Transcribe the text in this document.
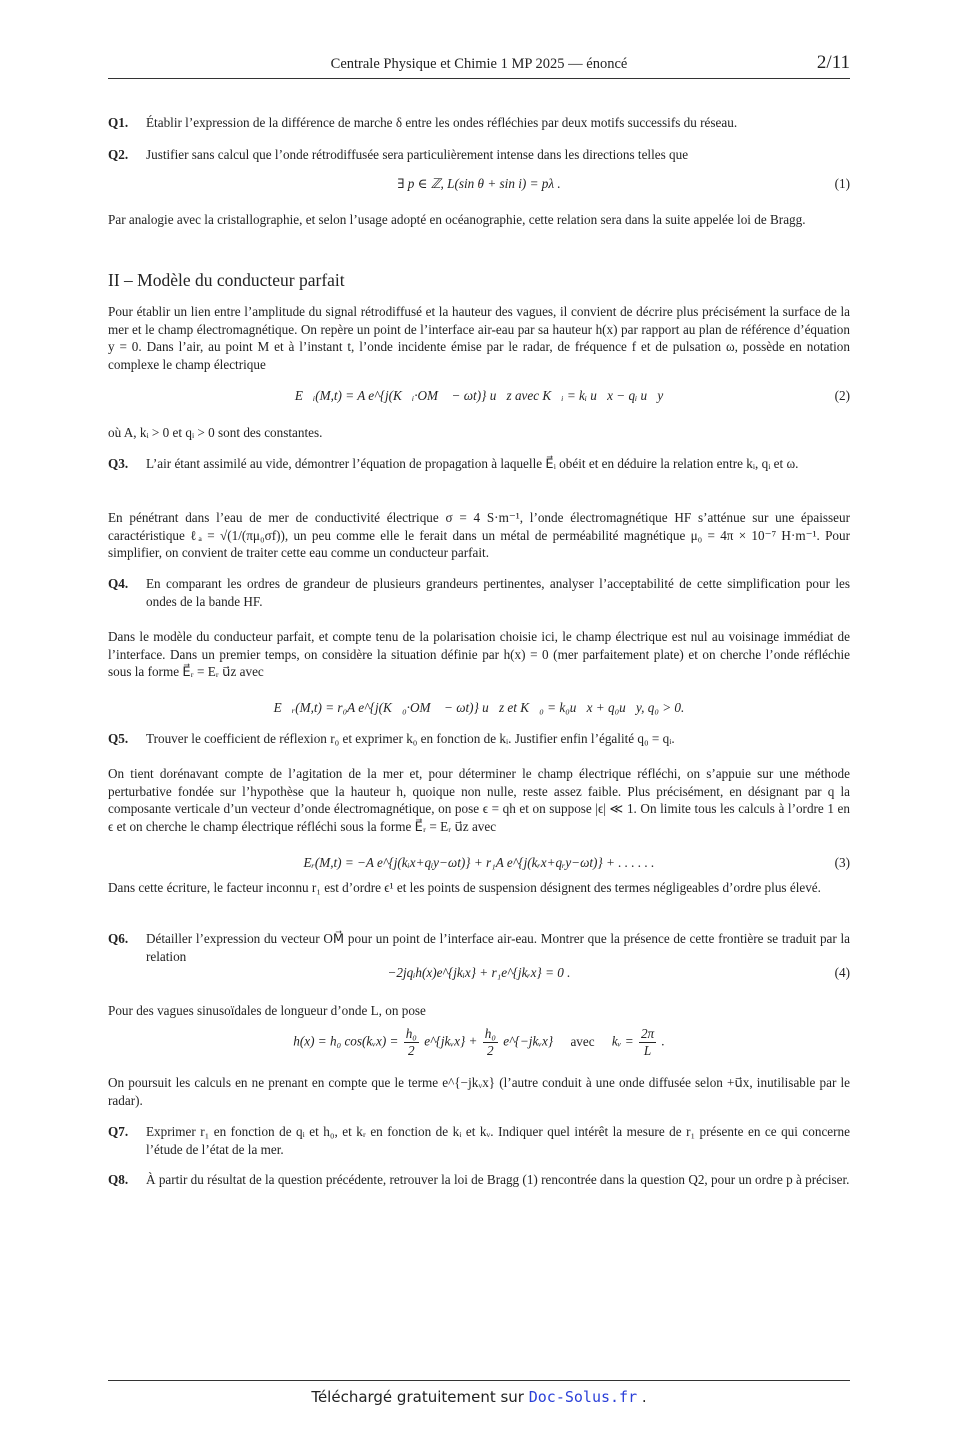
Centrale Physique et Chimie 1 MP 2025 — énoncé	2/11
Q1. Établir l’expression de la différence de marche δ entre les ondes réfléchies par deux motifs successifs du réseau.
Q2. Justifier sans calcul que l’onde rétrodiffusée sera particulièrement intense dans les directions telles que
∃ p ∈ ℤ, L(sin θ + sin i) = pλ .	(1)
Par analogie avec la cristallographie, et selon l’usage adopté en océanographie, cette relation sera dans la suite appelée loi de Bragg.
II – Modèle du conducteur parfait
Pour établir un lien entre l’amplitude du signal rétrodiffusé et la hauteur des vagues, il convient de décrire plus précisément la surface de la mer et le champ électromagnétique. On repère un point de l’interface air-eau par sa hauteur h(x) par rapport au plan de référence d’équation y = 0. Dans l’air, au point M et à l’instant t, l’onde incidente émise par le radar, de fréquence f et de pulsation ω, possède en notation complexe le champ électrique
E⃗ᵢ(M,t) = A e^{j(K⃗ᵢ·OM⃗ − ωt)} u⃗z avec K⃗ᵢ = kᵢ u⃗x − qᵢ u⃗y	(2)
où A, kᵢ > 0 et qᵢ > 0 sont des constantes.
Q3. L’air étant assimilé au vide, démontrer l’équation de propagation à laquelle E⃗ᵢ obéit et en déduire la relation entre kᵢ, qᵢ et ω.
En pénétrant dans l’eau de mer de conductivité électrique σ = 4 S·m⁻¹, l’onde électromagnétique HF s’atténue sur une épaisseur caractéristique ℓₐ = √(1/(πμ₀σf)), un peu comme elle le ferait dans un métal de perméabilité magnétique μ₀ = 4π × 10⁻⁷ H·m⁻¹. Pour simplifier, on convient de traiter cette eau comme un conducteur parfait.
Q4. En comparant les ordres de grandeur de plusieurs grandeurs pertinentes, analyser l’acceptabilité de cette simplification pour les ondes de la bande HF.
Dans le modèle du conducteur parfait, et compte tenu de la polarisation choisie ici, le champ électrique est nul au voisinage immédiat de l’interface. Dans un premier temps, on considère la situation définie par h(x) = 0 (mer parfaitement plate) et on cherche l’onde réfléchie sous la forme E⃗ᵣ = Eᵣ u⃗z avec
E⃗ᵣ(M,t) = r₀A e^{j(K⃗₀·OM⃗ − ωt)} u⃗z et K⃗₀ = k₀u⃗x + q₀u⃗y, q₀ > 0.
Q5. Trouver le coefficient de réflexion r₀ et exprimer k₀ en fonction de kᵢ. Justifier enfin l’égalité q₀ = qᵢ.
On tient dorénavant compte de l’agitation de la mer et, pour déterminer le champ électrique réfléchi, on s’appuie sur une méthode perturbative fondée sur l’hypothèse que la hauteur h, quoique non nulle, reste assez faible. Plus précisément, en désignant par q la composante verticale d’un vecteur d’onde électromagnétique, on pose ϵ = qh et on suppose |ϵ| ≪ 1. On limite tous les calculs à l’ordre 1 en ϵ et on cherche le champ électrique réfléchi sous la forme E⃗ᵣ = Eᵣ u⃗z avec
Eᵣ(M,t) = −A e^{j(kᵢx+qᵢy−ωt)} + r₁A e^{j(kᵣx+qᵣy−ωt)} + . . . . . .	(3)
Dans cette écriture, le facteur inconnu r₁ est d’ordre ϵ¹ et les points de suspension désignent des termes négligeables d’ordre plus élevé.
Q6. Détailler l’expression du vecteur OM⃗ pour un point de l’interface air-eau. Montrer que la présence de cette frontière se traduit par la relation
−2jqᵢh(x)e^{jkᵢx} + r₁e^{jkᵣx} = 0 .	(4)
Pour des vagues sinusoïdales de longueur d’onde L, on pose
h(x) = h₀ cos(kᵥx) = $\frac{\text{h₀}}{2}$ e^{jkᵥx} + $\frac{\text{h₀}}{2}$ e^{−jkᵥx} avec kᵥ = $\frac{2\pi}{L}$ .
On poursuit les calculs en ne prenant en compte que le terme e^{−jkᵥx} (l’autre conduit à une onde diffusée selon +u⃗x, inutilisable par le radar).
Q7. Exprimer r₁ en fonction de qᵢ et h₀, et kᵣ en fonction de kᵢ et kᵥ. Indiquer quel intérêt la mesure de r₁ présente en ce qui concerne l’étude de l’état de la mer.
Q8. À partir du résultat de la question précédente, retrouver la loi de Bragg (1) rencontrée dans la question Q2, pour un ordre p à préciser.
Téléchargé gratuitement sur Doc-Solus.fr .
